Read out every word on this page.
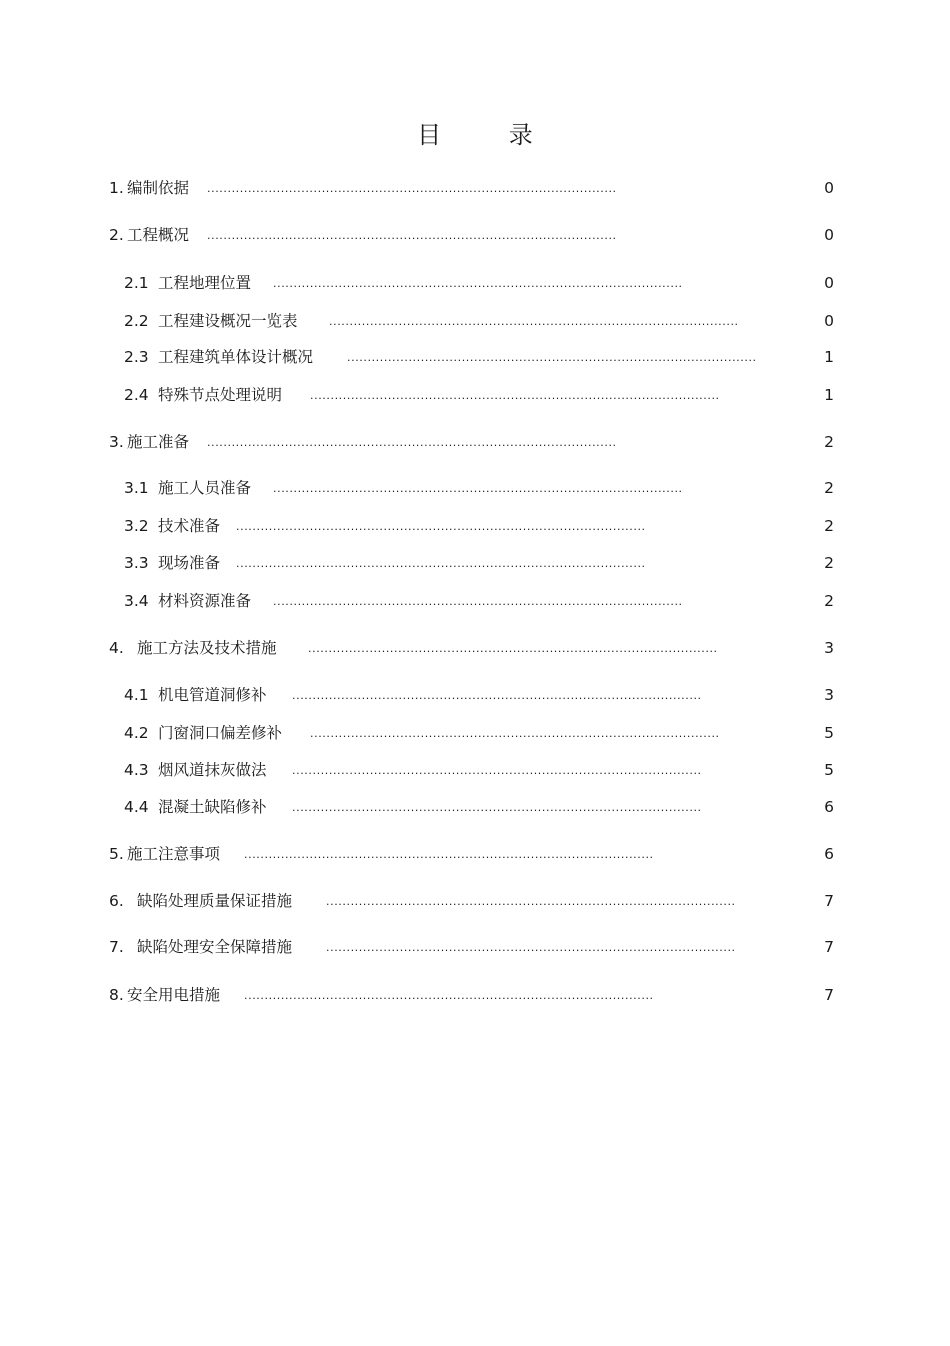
目 录
1. 编制依据 ....................................................................................................	0
2. 工程概况 ....................................................................................................	0
2.1 工程地理位置 ....................................................................................................	0
2.2 工程建设概况一览表	....................................................................................................	0
2.3 工程建筑单体设计概况	....................................................................................................	1
2.4 特殊节点处理说明	....................................................................................................	1
3. 施工准备 ....................................................................................................	2
3.1 施工人员准备 ....................................................................................................	2
3.2 技术准备 ....................................................................................................	2
3.3 现场准备 ....................................................................................................	2
3.4 材料资源准备 ....................................................................................................	2
4. 施工方法及技术措施	....................................................................................................	3
4.1 机电管道洞修补 ....................................................................................................	3
4.2 门窗洞口偏差修补	....................................................................................................	5
4.3 烟风道抹灰做法 ....................................................................................................	5
4.4 混凝土缺陷修补 ....................................................................................................	6
5. 施工注意事项 ....................................................................................................	6
6. 缺陷处理质量保证措施	....................................................................................................	7
7. 缺陷处理安全保障措施	....................................................................................................	7
8. 安全用电措施 ....................................................................................................	7
